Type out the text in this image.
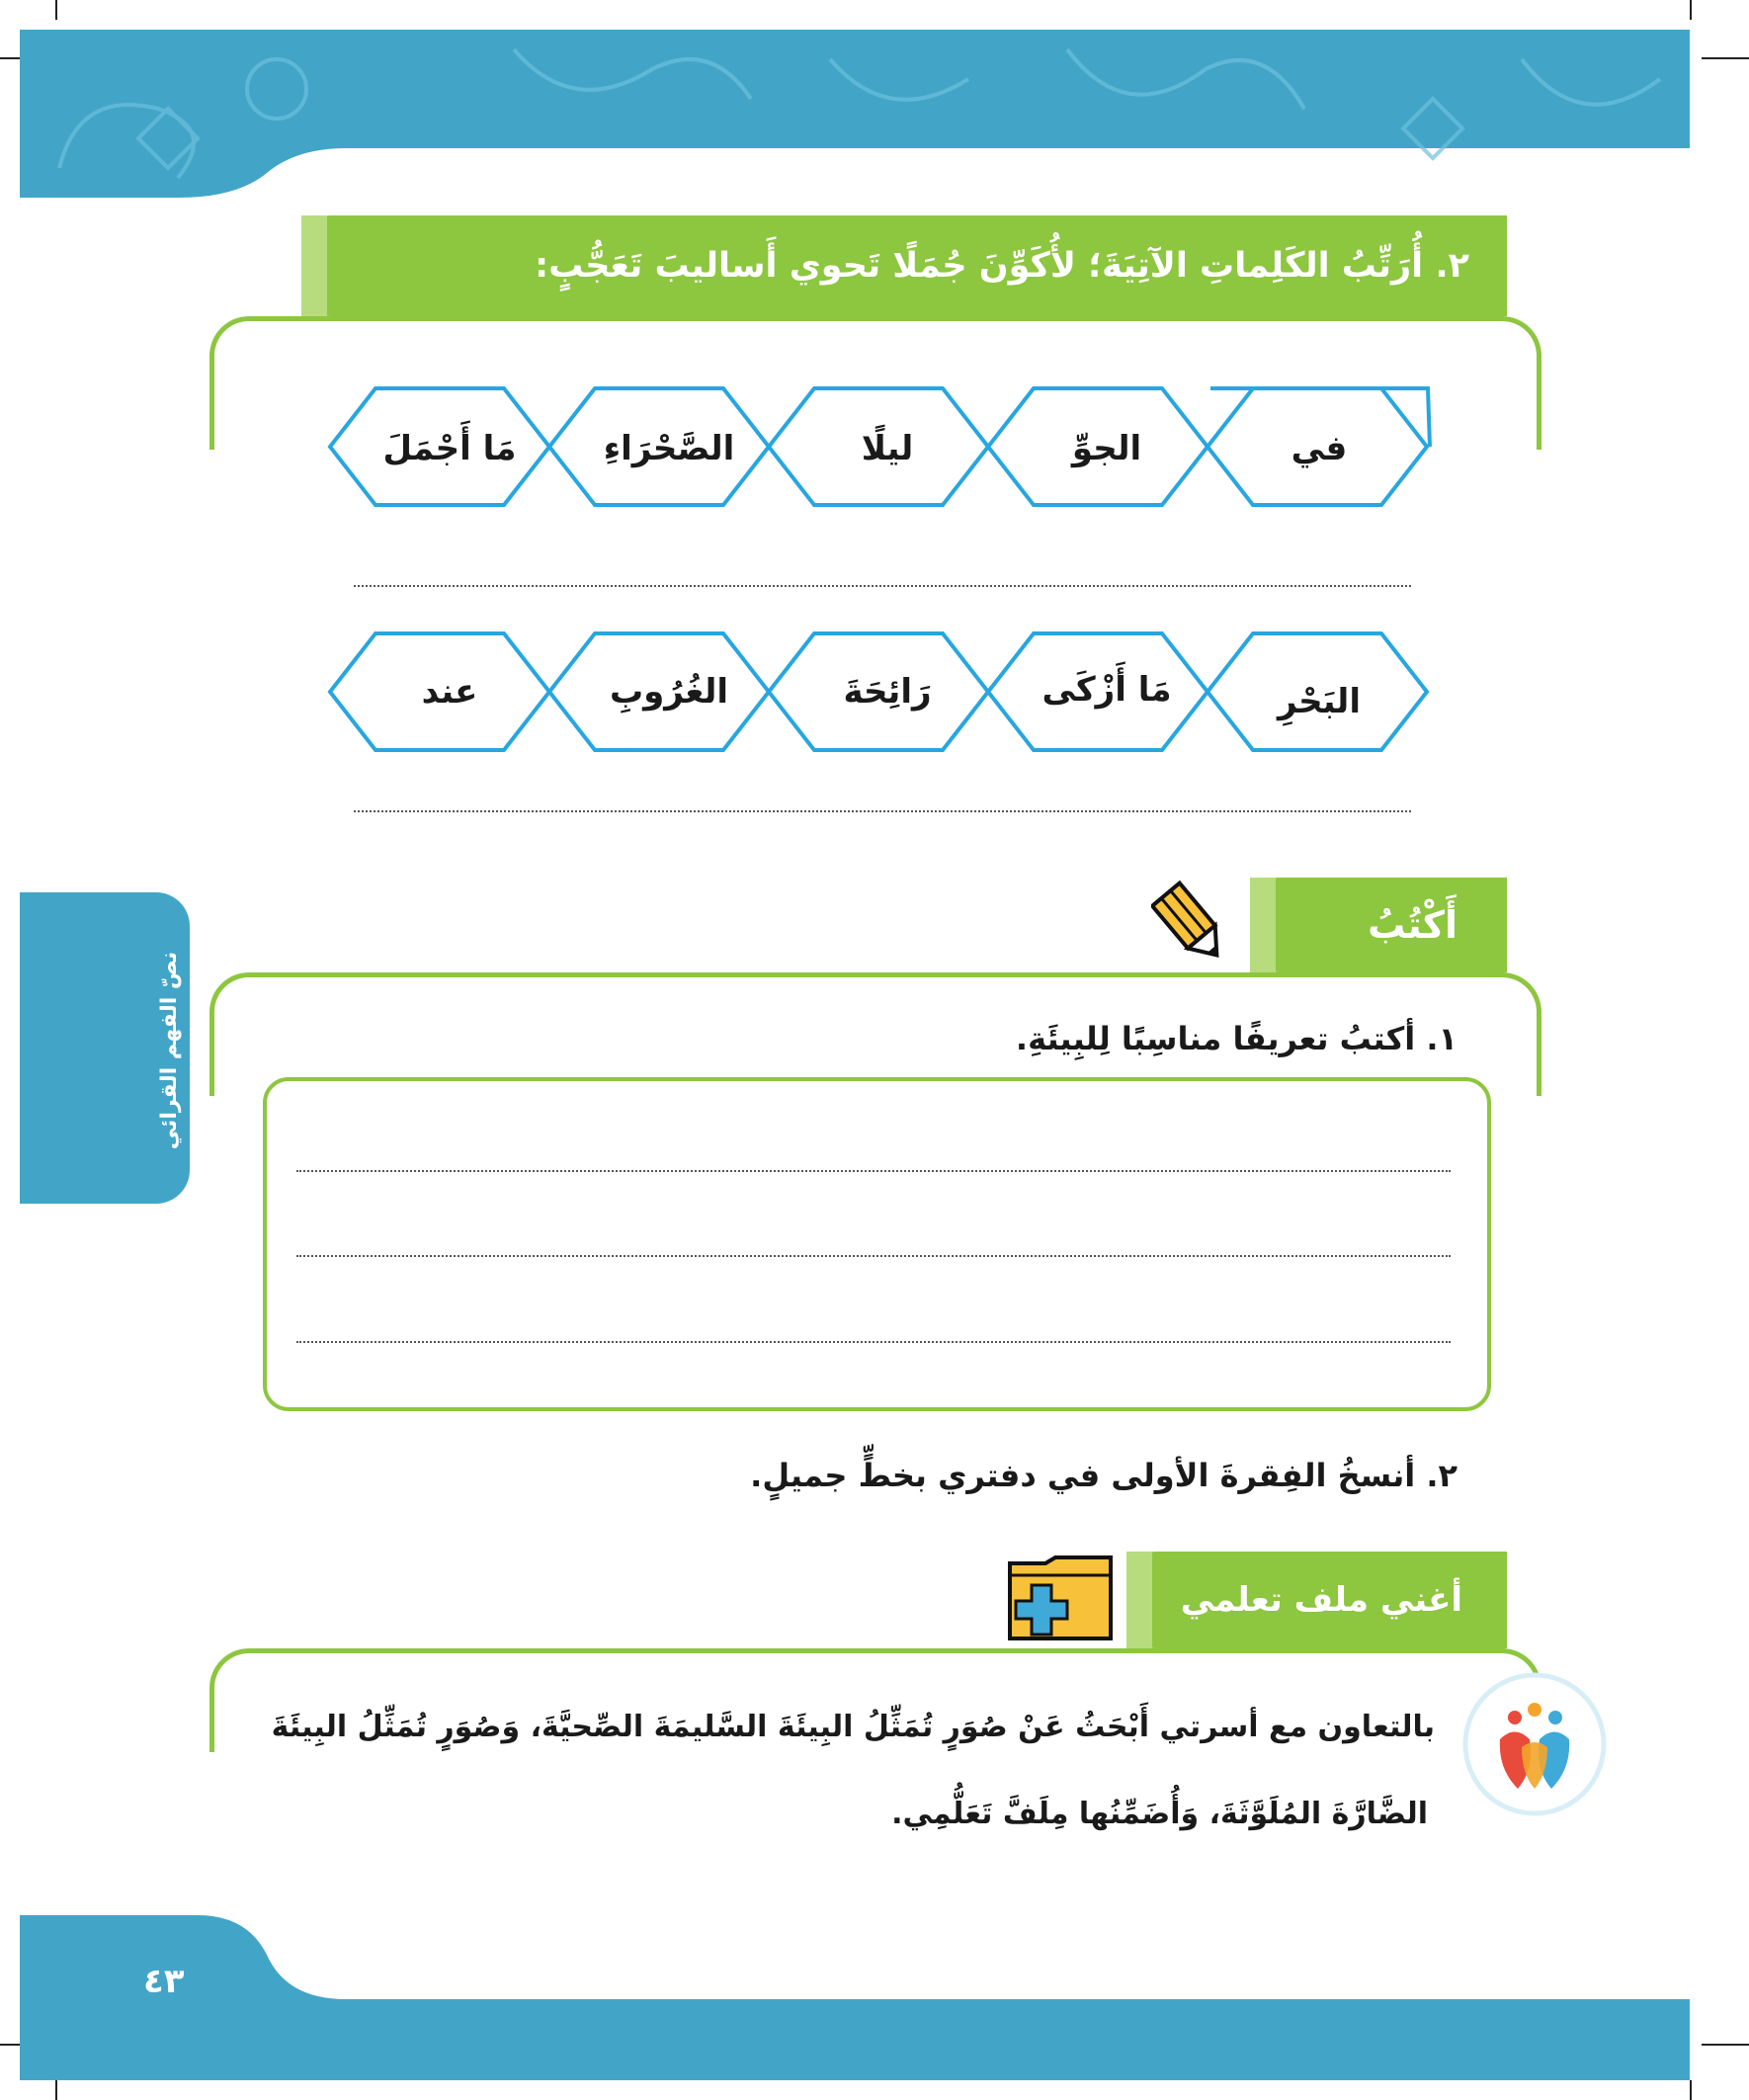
٢. أُرَتِّبُ الكَلِماتِ الآتِيَةَ؛ لأُكَوِّنَ جُمَلًا تَحوي أَساليبَ تَعَجُّبٍ:
في
الجوِّ
ليلًا
الصَّحْرَاءِ
مَا أَجْمَلَ
البَحْرِ
مَا أَزْكَى
رَائِحَةَ
الغُرُوبِ
عند
نصّ الفهم القرائي
أَكْتُبُ
١. أكتبُ تعريفًا مناسِبًا لِلبِيئَةِ.
٢. أنسخُ الفِقرةَ الأولى في دفتري بخطٍّ جميلٍ.
أغني ملف تعلمي
بالتعاون مع أسرتي أَبْحَثُ عَنْ صُوَرٍ تُمَثِّلُ البِيئَةَ السَّليمَةَ الصِّحيَّةَ، وَصُوَرٍ تُمَثِّلُ البِيئَةَ
الضَّارَّةَ المُلَوَّثَةَ، وَأُضَمِّنُها مِلَفَّ تَعَلُّمِي.
٤٣
